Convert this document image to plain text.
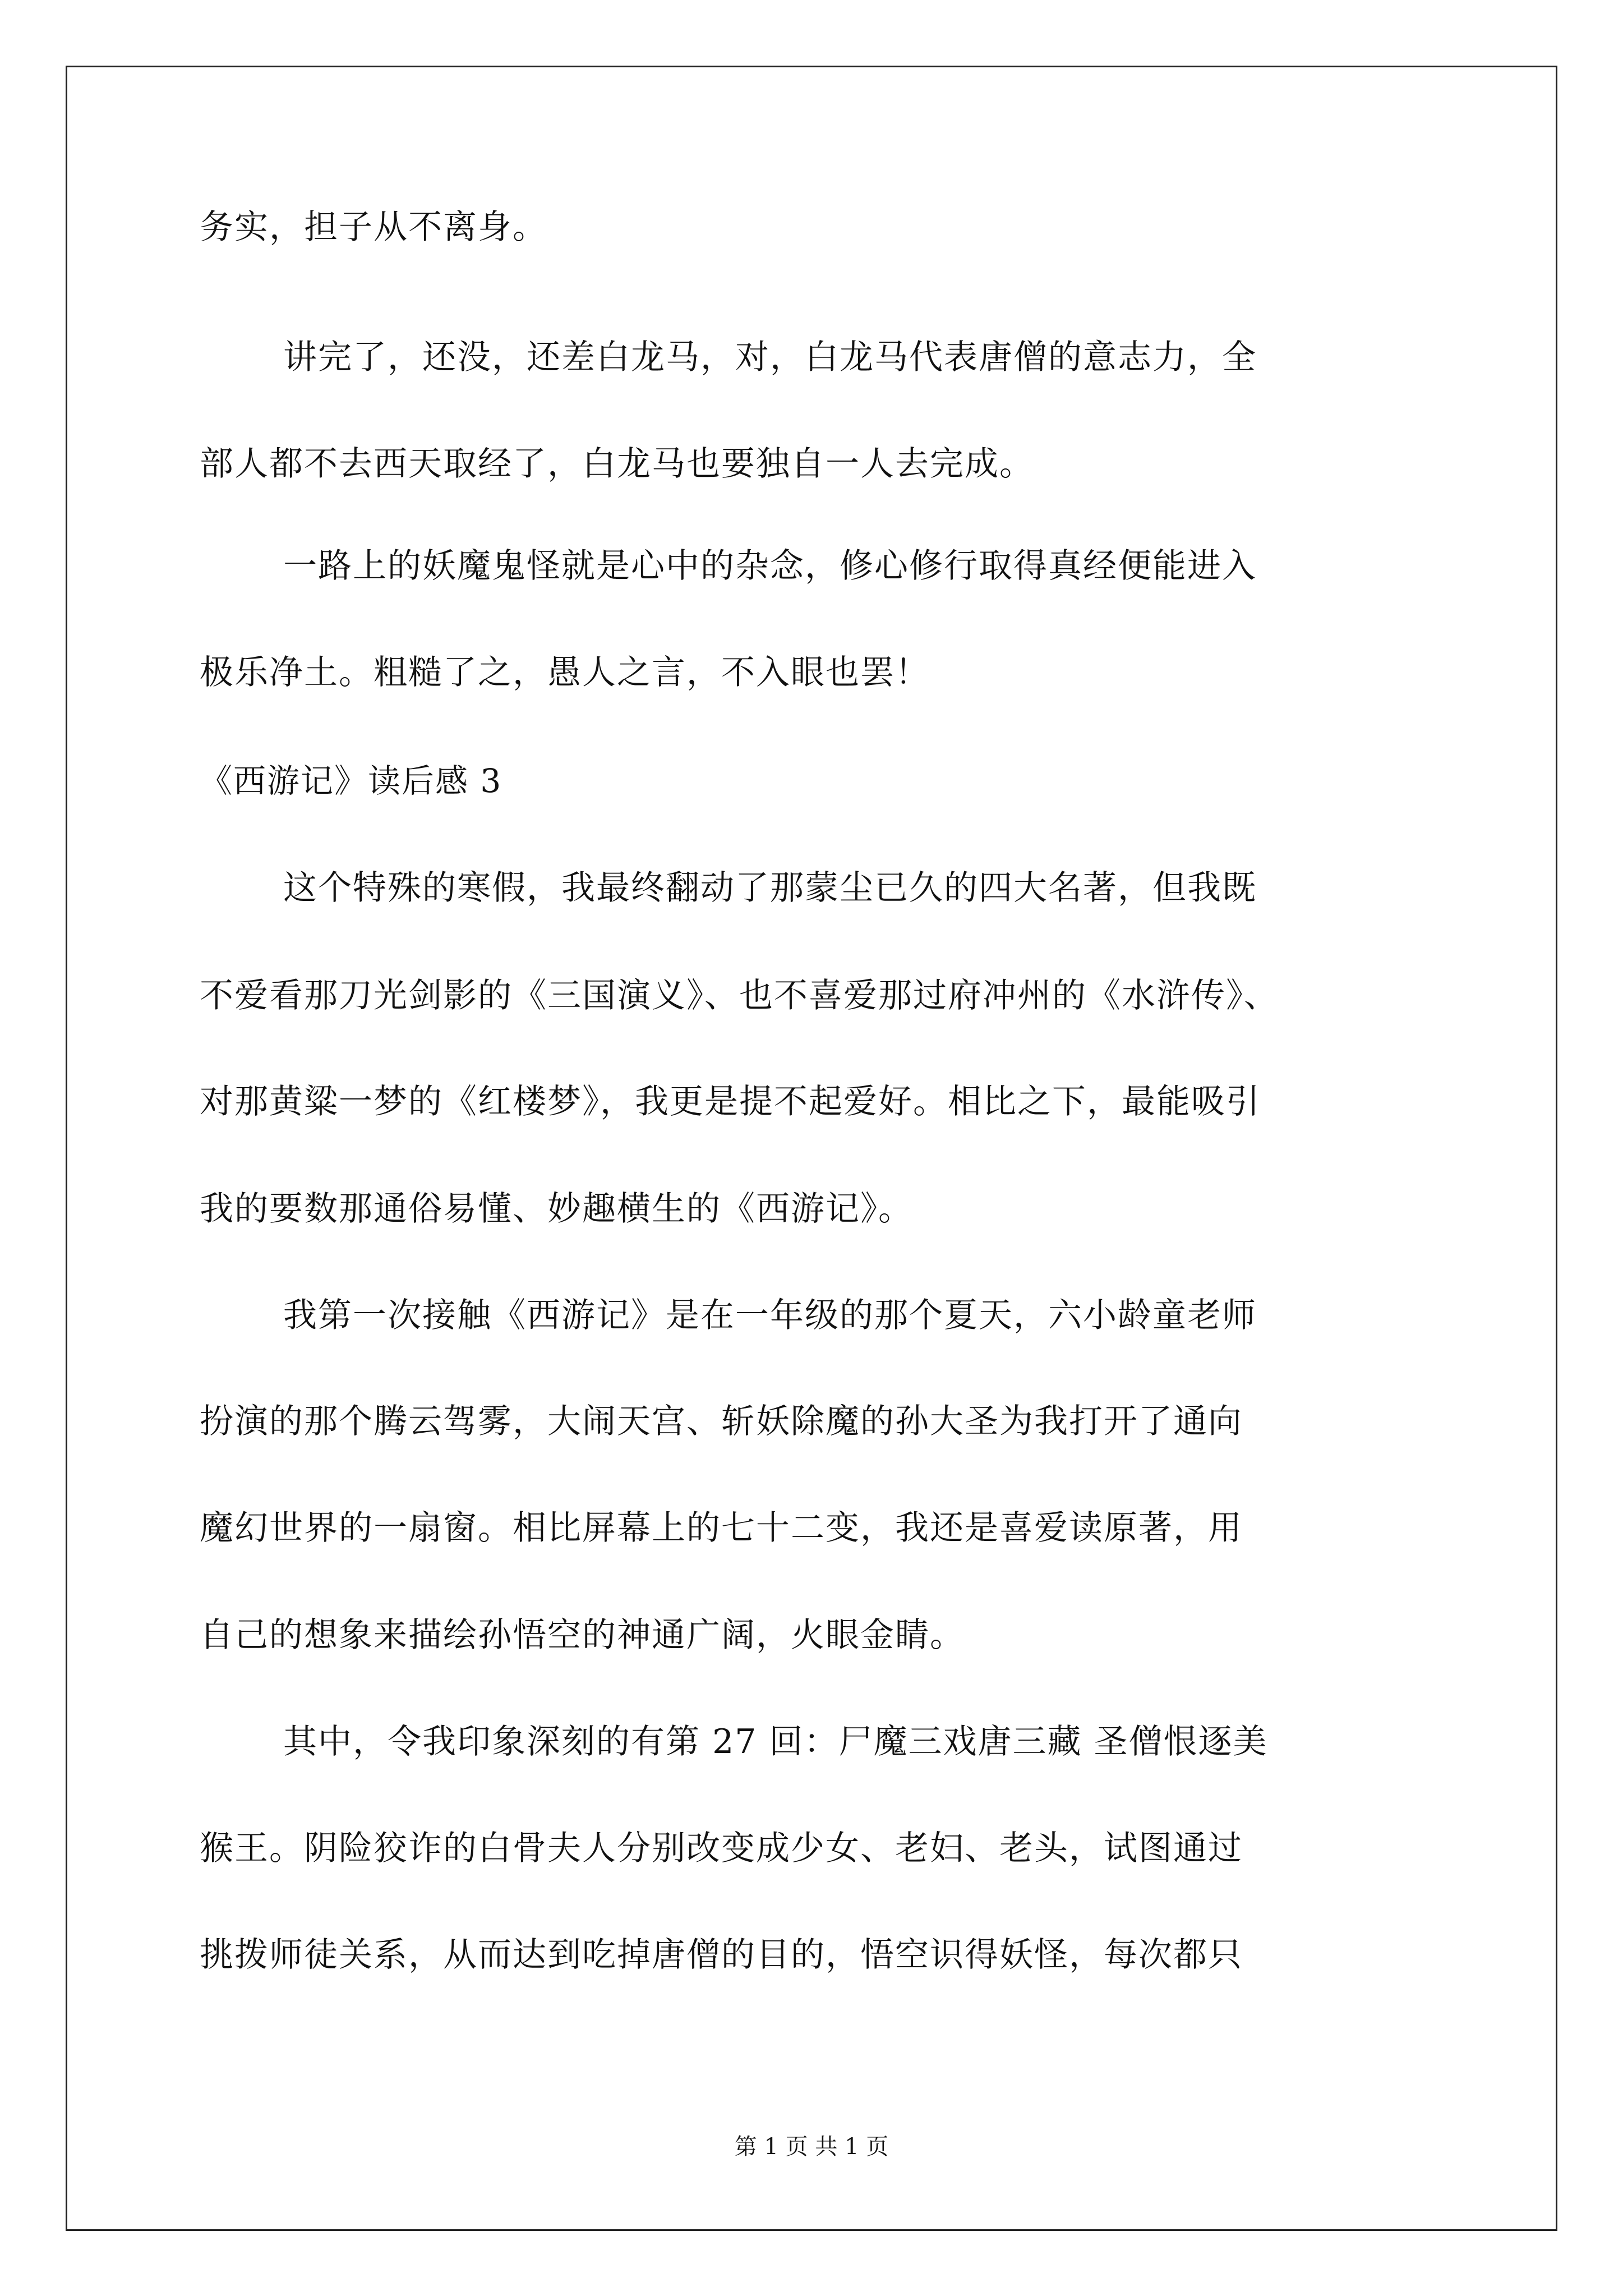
务实，担子从不离身。
讲完了，还没，还差白龙马，对，白龙马代表唐僧的意志力，全
部人都不去西天取经了，白龙马也要独自一人去完成。
一路上的妖魔鬼怪就是心中的杂念，修心修行取得真经便能进入
极乐净土。粗糙了之，愚人之言，不入眼也罢！
《西游记》读后感 3
这个特殊的寒假，我最终翻动了那蒙尘已久的四大名著，但我既
不爱看那刀光剑影的《三国演义》、也不喜爱那过府冲州的《水浒传》、
对那黄粱一梦的《红楼梦》，我更是提不起爱好。相比之下，最能吸引
我的要数那通俗易懂、妙趣横生的《西游记》。
我第一次接触《西游记》是在一年级的那个夏天，六小龄童老师
扮演的那个腾云驾雾，大闹天宫、斩妖除魔的孙大圣为我打开了通向
魔幻世界的一扇窗。相比屏幕上的七十二变，我还是喜爱读原著，用
自己的想象来描绘孙悟空的神通广阔，火眼金睛。
其中，令我印象深刻的有第 27 回：尸魔三戏唐三藏 圣僧恨逐美
猴王。阴险狡诈的白骨夫人分别改变成少女、老妇、老头，试图通过
挑拨师徒关系，从而达到吃掉唐僧的目的，悟空识得妖怪，每次都只
第 1 页 共 1 页
